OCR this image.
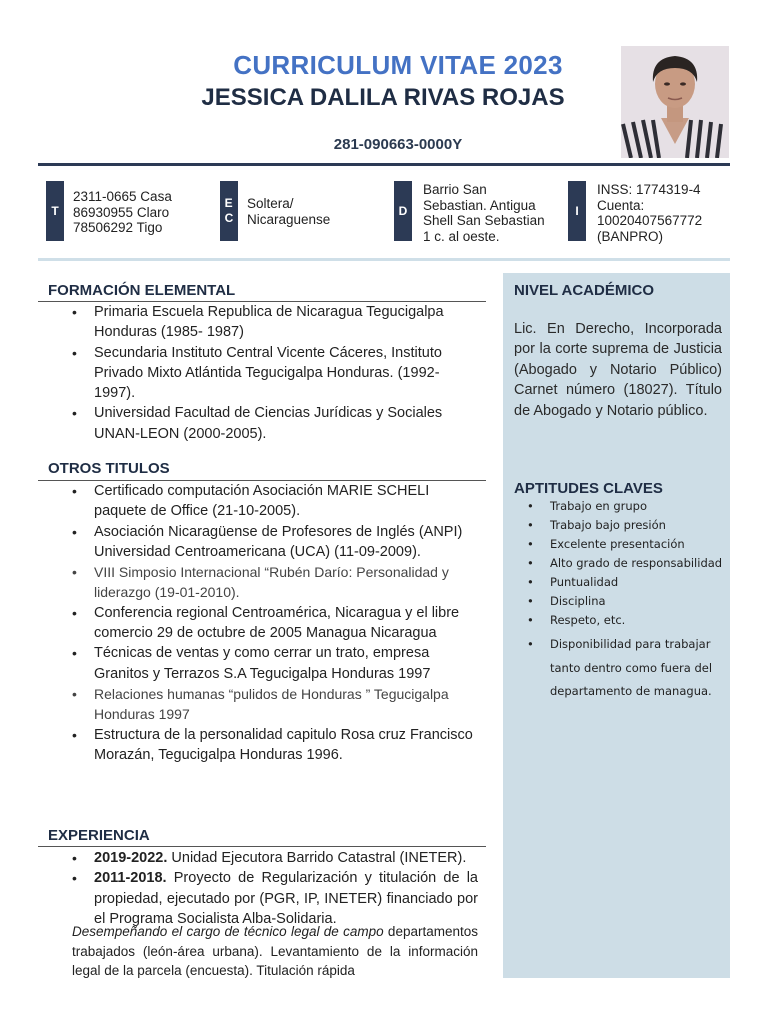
CURRICULUM VITAE 2023
JESSICA DALILA RIVAS ROJAS
281-090663-0000Y
T
2311-0665 Casa
86930955 Claro
78506292 Tigo
E
C
Soltera/
Nicaraguense
D
Barrio San
Sebastian. Antigua
Shell San Sebastian
1 c. al oeste.
I
INSS: 1774319-4
Cuenta:
10020407567772
(BANPRO)
FORMACIÓN ELEMENTAL
• Primaria Escuela Republica de Nicaragua Tegucigalpa Honduras (1985- 1987)
• Secundaria Instituto Central Vicente Cáceres, Instituto Privado Mixto Atlántida Tegucigalpa Honduras. (1992-1997).
• Universidad Facultad de Ciencias Jurídicas y Sociales UNAN-LEON (2000-2005).
OTROS TITULOS
• Certificado computación Asociación MARIE SCHELI paquete de Office (21-10-2005).
• Asociación Nicaragüense de Profesores de Inglés (ANPI) Universidad Centroamericana (UCA) (11-09-2009).
• VIII Simposio Internacional “Rubén Darío: Personalidad y liderazgo (19-01-2010).
• Conferencia regional Centroamérica, Nicaragua y el libre comercio 29 de octubre de 2005 Managua Nicaragua
• Técnicas de ventas y como cerrar un trato, empresa Granitos y Terrazos S.A Tegucigalpa Honduras 1997
• Relaciones humanas “pulidos de Honduras ” Tegucigalpa Honduras 1997
• Estructura de la personalidad capitulo Rosa cruz Francisco Morazán, Tegucigalpa Honduras 1996.
EXPERIENCIA
• 2019-2022. Unidad Ejecutora Barrido Catastral (INETER).
• 2011-2018. Proyecto de Regularización y titulación de la propiedad, ejecutado por (PGR, IP, INETER) financiado por el Programa Socialista Alba-Solidaria.
Desempeñando el cargo de técnico legal de campo departamentos trabajados (león-área urbana). Levantamiento de la información legal de la parcela (encuesta). Titulación rápida
NIVEL ACADÉMICO
Lic. En Derecho, Incorporada por la corte suprema de Justicia (Abogado y Notario Público) Carnet número (18027). Título de Abogado y Notario público.
APTITUDES CLAVES
• Trabajo en grupo
• Trabajo bajo presión
• Excelente presentación
• Alto grado de responsabilidad
• Puntualidad
• Disciplina
• Respeto, etc.
• Disponibilidad para trabajar tanto dentro como fuera del departamento de managua.
